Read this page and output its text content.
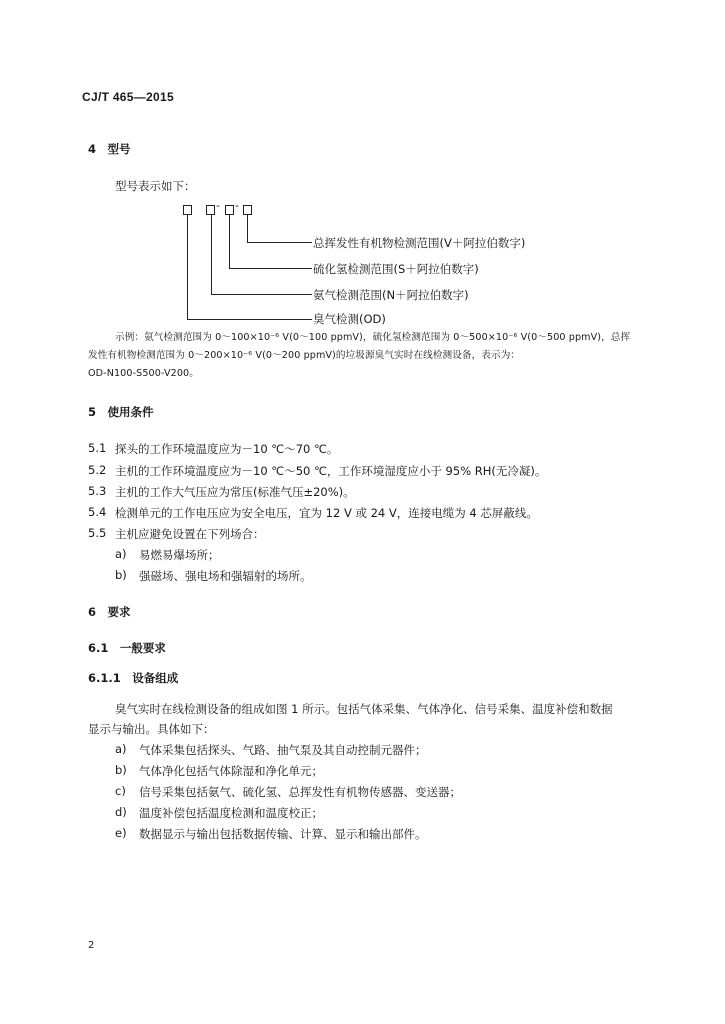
CJ/T 465—2015
4　型号
型号表示如下：
- -
总挥发性有机物检测范围(V＋阿拉伯数字)
硫化氢检测范围(S＋阿拉伯数字)
氨气检测范围(N＋阿拉伯数字)
臭气检测(OD)
示例：氨气检测范围为 0～100×10⁻⁶ V(0～100 ppmV)，硫化氢检测范围为 0～500×10⁻⁶ V(0～500 ppmV)，总挥
发性有机物检测范围为 0～200×10⁻⁶ V(0～200 ppmV)的垃圾源臭气实时在线检测设备，表示为：
OD-N100-S500-V200。
5　使用条件
5.1 探头的工作环境温度应为－10 ℃～70 ℃。
5.2 主机的工作环境温度应为－10 ℃～50 ℃，工作环境湿度应小于 95% RH(无冷凝)。
5.3 主机的工作大气压应为常压(标准气压±20%)。
5.4 检测单元的工作电压应为安全电压，宜为 12 V 或 24 V，连接电缆为 4 芯屏蔽线。
5.5 主机应避免设置在下列场合：
a) 易燃易爆场所；
b) 强磁场、强电场和强辐射的场所。
6　要求
6.1　一般要求
6.1.1　设备组成
臭气实时在线检测设备的组成如图 1 所示。包括气体采集、气体净化、信号采集、温度补偿和数据
显示与输出。具体如下：
a) 气体采集包括探头、气路、抽气泵及其自动控制元器件；
b) 气体净化包括气体除湿和净化单元；
c) 信号采集包括氨气、硫化氢、总挥发性有机物传感器、变送器；
d) 温度补偿包括温度检测和温度校正；
e) 数据显示与输出包括数据传输、计算、显示和输出部件。
2
